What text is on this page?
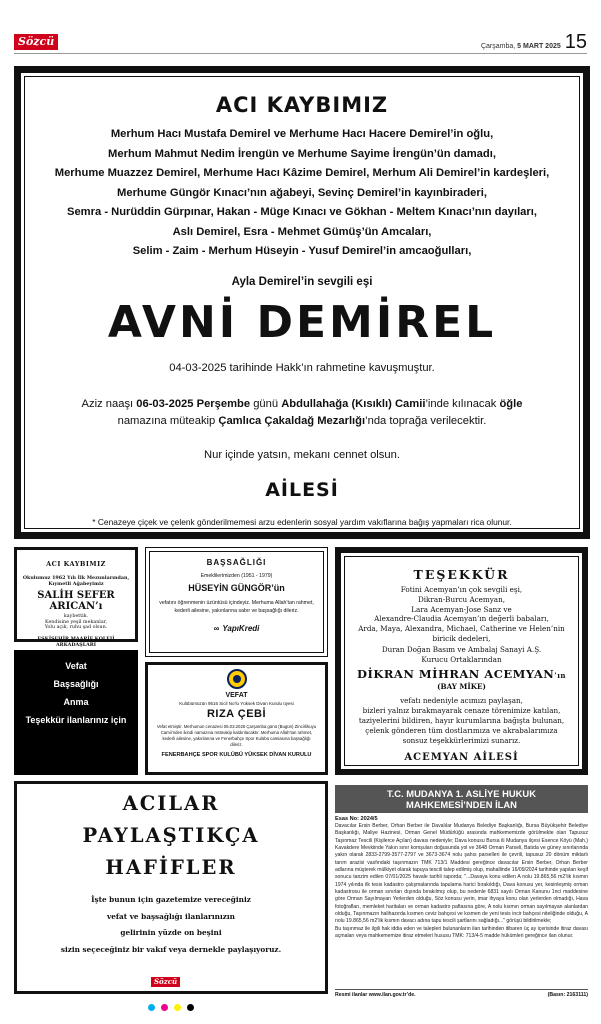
Sözcü	Çarşamba, 5 MART 2025 15
ACI KAYBIMIZ
Merhum Hacı Mustafa Demirel ve Merhume Hacı Hacere Demirel’in oğlu,
Merhum Mahmut Nedim İrengün ve Merhume Sayime İrengün’ün damadı,
Merhume Muazzez Demirel, Merhume Hacı Kâzime Demirel, Merhum Ali Demirel’in kardeşleri,
Merhume Güngör Kınacı’nın ağabeyi, Sevinç Demirel’in kayınbiraderi,
Semra - Nurüddin Gürpınar, Hakan - Müge Kınacı ve Gökhan - Meltem Kınacı’nın dayıları,
Aslı Demirel, Esra - Mehmet Gümüş’ün Amcaları,
Selim - Zaim - Merhum Hüseyin - Yusuf Demirel’in amcaoğulları,
Ayla Demirel’in sevgili eşi
AVNİ DEMİREL
04-03-2025 tarihinde Hakk’ın rahmetine kavuşmuştur.
Aziz naaşı 06-03-2025 Perşembe günü Abdullahağa (Kısıklı) Camii’inde kılınacak öğle
namazına müteakip Çamlıca Çakaldağ Mezarlığı’nda toprağa verilecektir.
Nur içinde yatsın, mekanı cennet olsun.
AİLESİ
* Cenazeye çiçek ve çelenk gönderilmemesi arzu edenlerin sosyal yardım vakıflarına bağış yapmaları rica olunur.
ACI KAYBIMIZ
Okulumuz 1962 Yılı İlk Mezunlarından,
Kıymetli Ağabeyimiz
SALİH SEFER
ARICAN’ı
kaybettik.
Kendisine yeşil mekanlar,
Yolu açık, ruhu şad olsun.
ESKİŞEHİR MAARİF KOLEJİ ARKADAŞLARI
Vefat
Başsağlığı
Anma
Teşekkür ilanlarınız için
BAŞSAĞLIĞI
Emeklilerimizden (1951 - 1979)
HÜSEYİN GÜNGÖR’ün
vefatını öğrenmenin üzüntüsü içindeyiz. Merhuma Allah’tan rahmet, kederli ailesine, yakınlarına sabır ve başsağlığı dileriz.
∞ YapıKredi
VEFAT
Kulübümüzün 9516 Sicil No’lu Yüksek Divan Kurulu üyesi
RIZA ÇEBİ
Vefat etmiştir. Merhumun cenazesi 05.03.2025 Çarşamba günü (Bugün) Zincirlikuyu Camii’nden ikindi namazına müteakip kaldırılacaktır. Merhuma Allah’tan rahmet, kederli ailesine, yakınlarına ve Fenerbahçe Spor Kulübü camiasına başsağlığı dileriz.
FENERBAHÇE SPOR KULÜBÜ YÜKSEK DİVAN KURULU
TEŞEKKÜR
Fotini Acemyan’ın çok sevgili eşi,
Dikran-Burcu Acemyan,
Lara Acemyan-Jose Sanz ve
Alexandre-Claudia Acemyan’ın değerli babaları,
Arda, Maya, Alexandra, Michael, Catherine ve Helen’nin
biricik dedeleri,
Duran Doğan Basım ve Ambalaj Sanayi A.Ş.
Kurucu Ortaklarından
DİKRAN MİHRAN ACEMYAN’ın
(BAY MİKE)
vefatı nedeniyle acımızı paylaşan,
bizleri yalnız bırakmayarak cenaze törenimize katılan,
taziyelerini bildiren, hayır kurumlarına bağışta bulunan,
çelenk gönderen tüm dostlarımıza ve akrabalarımıza
sonsuz teşekkürlerimizi sunarız.
ACEMYAN AİLESİ
ACILAR
PAYLAŞTIKÇA
HAFİFLER
İşte bunun için gazetemize vereceğiniz
vefat ve başsağlığı ilanlarınızın
gelirinin yüzde on beşini
sizin seçeceğiniz bir vakıf veya dernekle paylaşıyoruz.
Sözcü
T.C. MUDANYA 1. ASLİYE HUKUK
MAHKEMESİ’NDEN İLAN
Esas No: 2024/5
Davacılar Ersin Berber, Orhan Berber ile Davalılar Mudanya Belediye Başkanlığı, Bursa Büyükşehir Belediye Başkanlığı, Maliye Hazinesi, Orman Genel Müdürlüğü arasında mahkememizde görülmekte olan Tapusuz Taşınmaz Tescili (Kişilerce Açılan) davası nedeniyle; Dava konusu Bursa ili Mudanya ilçesi Esence Köyü (Mah.) Kavakdere Mevkiinde Yakın sınır komşuları doğusunda yol ve 3648 Orman Parseli, Batıda ve güney sınırlarında yakın olarak 2833-2799-3577-2797 ve 3673-3674 nolu şahıs parselleri ile çevrili, tapusuz 20 dönüm miktarlı tarım arazisi vasfındaki taşınmazın TMK 713/1 Maddesi gereğince davacılar Ersin Berber, Orhan Berber adlarına müşterek mülkiyet olarak tapuya tescili talep edilmiş olup, mahallinde 16/09/2024 tarihinde yapılan keşif sonucu tanzim edilen 07/01/2025 havale tarihli raporda; "...Davaya konu edilen A nolu 19.865,56 m2’lik kısmın 1974 yılında ilk tesis kadastro çalışmalarında tapulama harici bırakıldığı, Dava konusu yer, kesinleşmiş orman kadastrosu ile orman sınırları dışında bırakılmış olup, bu nedenle 6831 sayılı Orman Kanunu 1nci maddesine göre Orman Sayılmayan Yerlerden olduğu, Söz konusu yerin, imar ihyaya konu olan yerlerden olmadığı, Hava fotoğrafları, memleket haritaları ve orman kadastro paftasına göre, A nolu kısmın orman sayılmayan alanlardan olduğu, Taşınmazın halihazırda kısmen ceviz bahçesi ve kısmen de yeni tesis incir bahçesi niteliğinde olduğu, A nolu 19.865,56 m2’lik kısmın davacı adına tapu tescili şartlarını sağladığı..." görüşü bildirilmekle;
Bu taşınmaz ile ilgili hak iddia eden ve talepleri bulunanların ilan tarihinden itibaren üç ay içerisinde itiraz davası açmaları veya mahkememize itiraz etmeleri hususu TMK: 713/4-5 madde hükümleri gereğince ilan olunur.
Resmi ilanlar www.ilan.gov.tr’de.	(Basın: 2163111)
